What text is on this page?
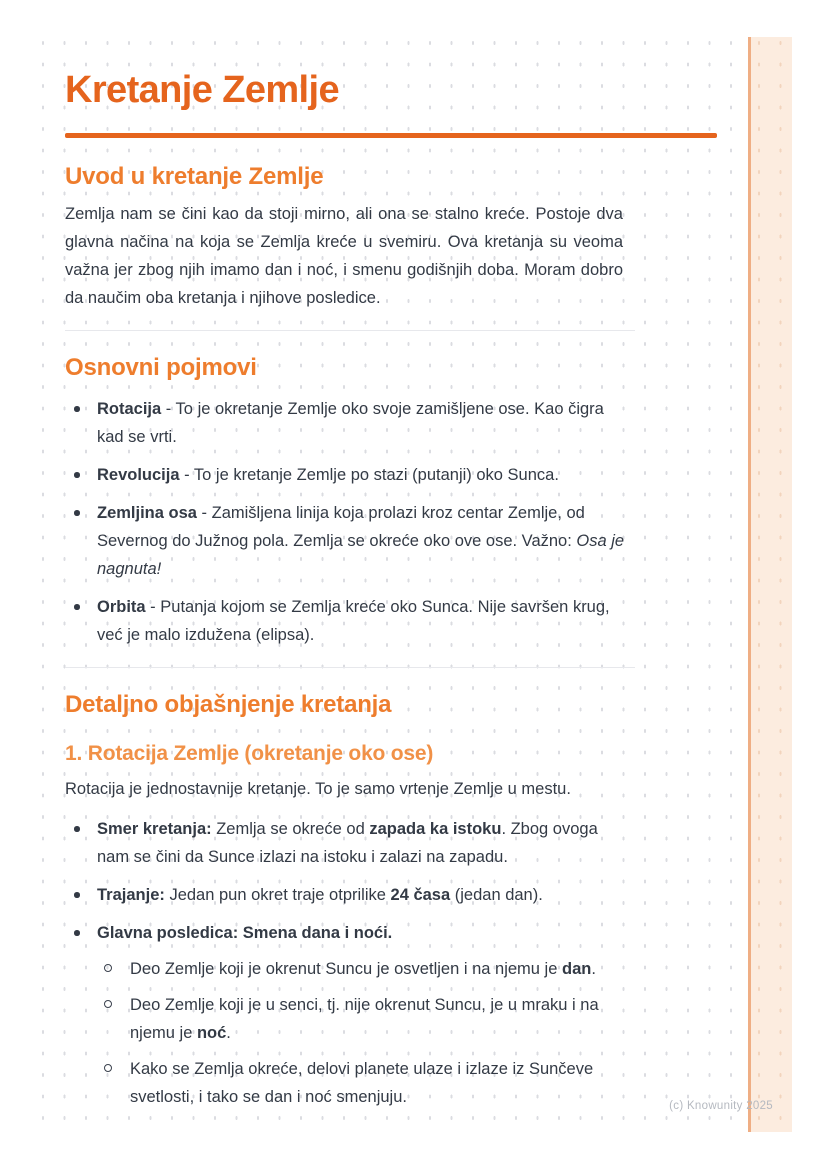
Kretanje Zemlje
Uvod u kretanje Zemlje

Zemlja nam se čini kao da stoji mirno, ali ona se stalno kreće. Postoje dva glavna načina na koja se Zemlja kreće u svemiru. Ova kretanja su veoma važna jer zbog njih imamo dan i noć, i smenu godišnjih doba. Moram dobro da naučim oba kretanja i njihove posledice.

Osnovni pojmovi
Rotacija - To je okretanje Zemlje oko svoje zamišljene ose. Kao čigra kad se vrti.
Revolucija - To je kretanje Zemlje po stazi (putanji) oko Sunca.
Zemljina osa - Zamišljena linija koja prolazi kroz centar Zemlje, od Severnog do Južnog pola. Zemlja se okreće oko ove ose. Važno: Osa je nagnuta!
Orbita - Putanja kojom se Zemlja kreće oko Sunca. Nije savršen krug, već je malo izdužena (elipsa).
Detaljno objašnjenje kretanja
1. Rotacija Zemlje (okretanje oko ose)

Rotacija je jednostavnije kretanje. To je samo vrtenje Zemlje u mestu.

Smer kretanja: Zemlja se okreće od zapada ka istoku. Zbog ovoga nam se čini da Sunce izlazi na istoku i zalazi na zapadu.
Trajanje: Jedan pun okret traje otprilike 24 časa (jedan dan).
Glavna posledica: Smena dana i noći.
Deo Zemlje koji je okrenut Suncu je osvetljen i na njemu je dan.
Deo Zemlje koji je u senci, tj. nije okrenut Suncu, je u mraku i na njemu je noć.
Kako se Zemlja okreće, delovi planete ulaze i izlaze iz Sunčeve svetlosti, i tako se dan i noć smenjuju.	(c) Knowunity 2025
